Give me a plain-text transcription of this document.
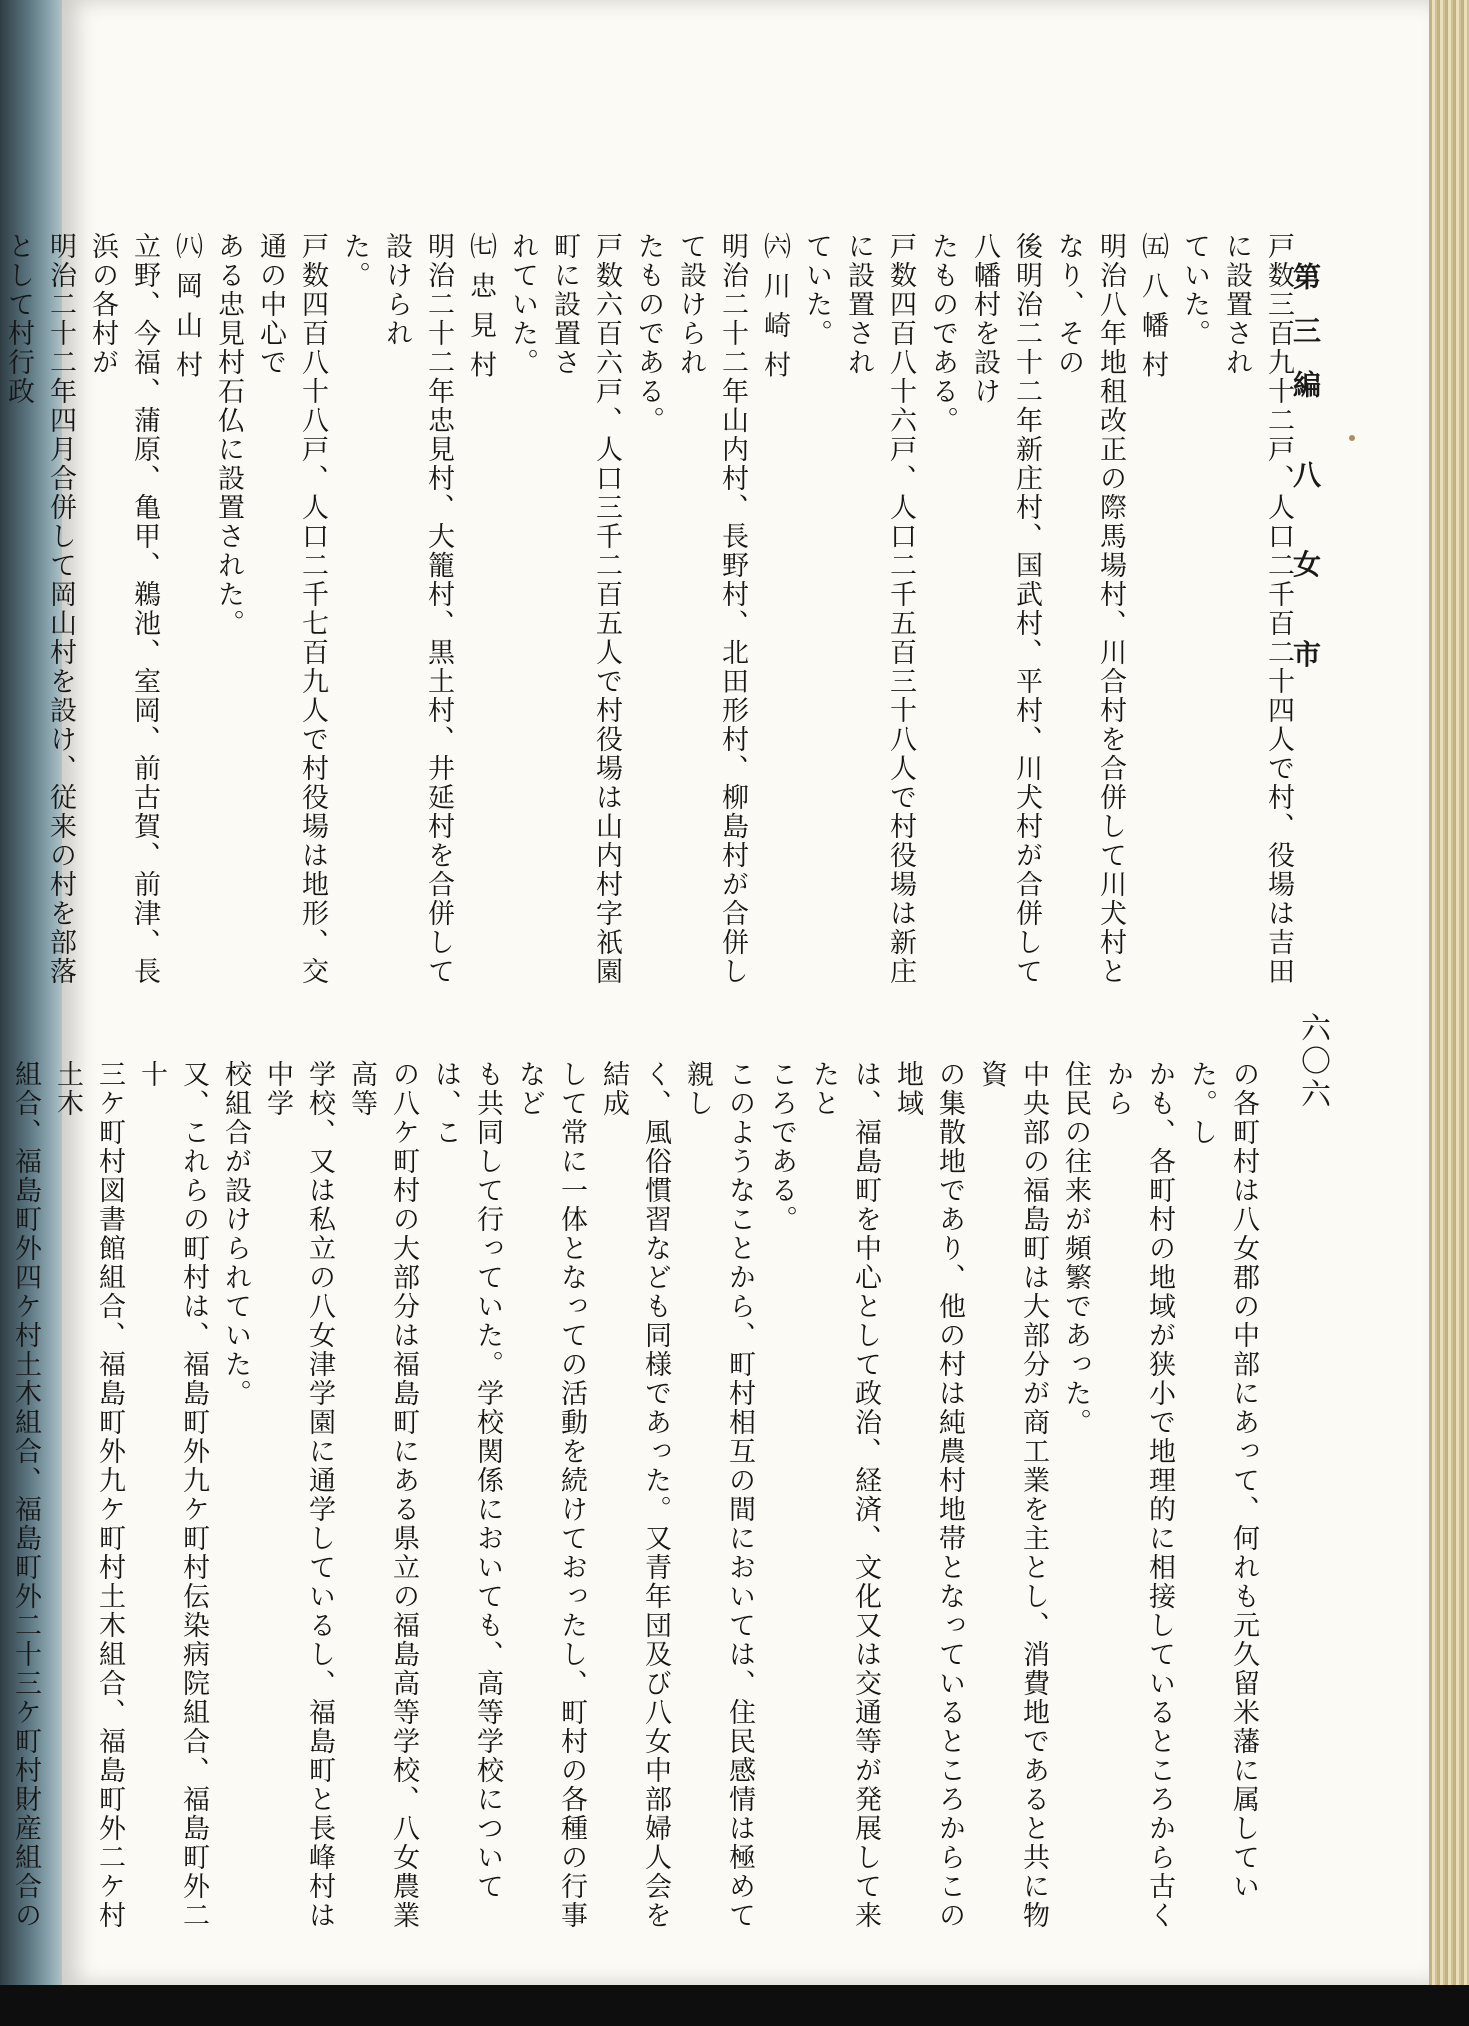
第三編 八 女 市
六〇六

戸数三百九十二戸、人口二千百二十四人で村、役場は吉田に設置され

ていた。

㈤ 八 幡 村

明治八年地租改正の際馬場村、川合村を合併して川犬村となり、その

後明治二十二年新庄村、国武村、平村、川犬村が合併して八幡村を設け

たものである。

戸数四百八十六戸、人口二千五百三十八人で村役場は新庄に設置され

ていた。

㈥ 川 崎 村

明治二十二年山内村、長野村、北田形村、柳島村が合併して設けられ

たものである。

戸数六百六戸、人口三千二百五人で村役場は山内村字祇園町に設置さ

れていた。

㈦ 忠 見 村

明治二十二年忠見村、大籠村、黒土村、井延村を合併して設けられ

た。

戸数四百八十八戸、人口二千七百九人で村役場は地形、交通の中心で

ある忠見村石仏に設置された。

㈧ 岡 山 村

立野、今福、蒲原、亀甲、鵜池、室岡、前古賀、前津、長浜の各村が

明治二十二年四月合併して岡山村を設け、従来の村を部落として村行政

の各町村は八女郡の中部にあって、何れも元久留米藩に属していた。し

かも、各町村の地域が狭小で地理的に相接しているところから古くから

住民の往来が頻繁であった。

中央部の福島町は大部分が商工業を主とし、消費地であると共に物資

の集散地であり、他の村は純農村地帯となっているところからこの地域

は、福島町を中心として政治、経済、文化又は交通等が発展して来たと

ころである。

このようなことから、町村相互の間においては、住民感情は極めて親し

く、風俗慣習なども同様であった。又青年団及び八女中部婦人会を結成

して常に一体となっての活動を続けておったし、町村の各種の行事など

も共同して行っていた。学校関係においても、高等学校については、こ

の八ケ町村の大部分は福島町にある県立の福島高等学校、八女農業高等

学校、又は私立の八女津学園に通学しているし、福島町と長峰村は中学

校組合が設けられていた。

又、これらの町村は、福島町外九ケ町村伝染病院組合、福島町外二十

三ケ町村図書館組合、福島町外九ケ町村土木組合、福島町外二ケ村土木

組合、福島町外四ケ村土木組合、福島町外二十三ケ町村財産組合の
